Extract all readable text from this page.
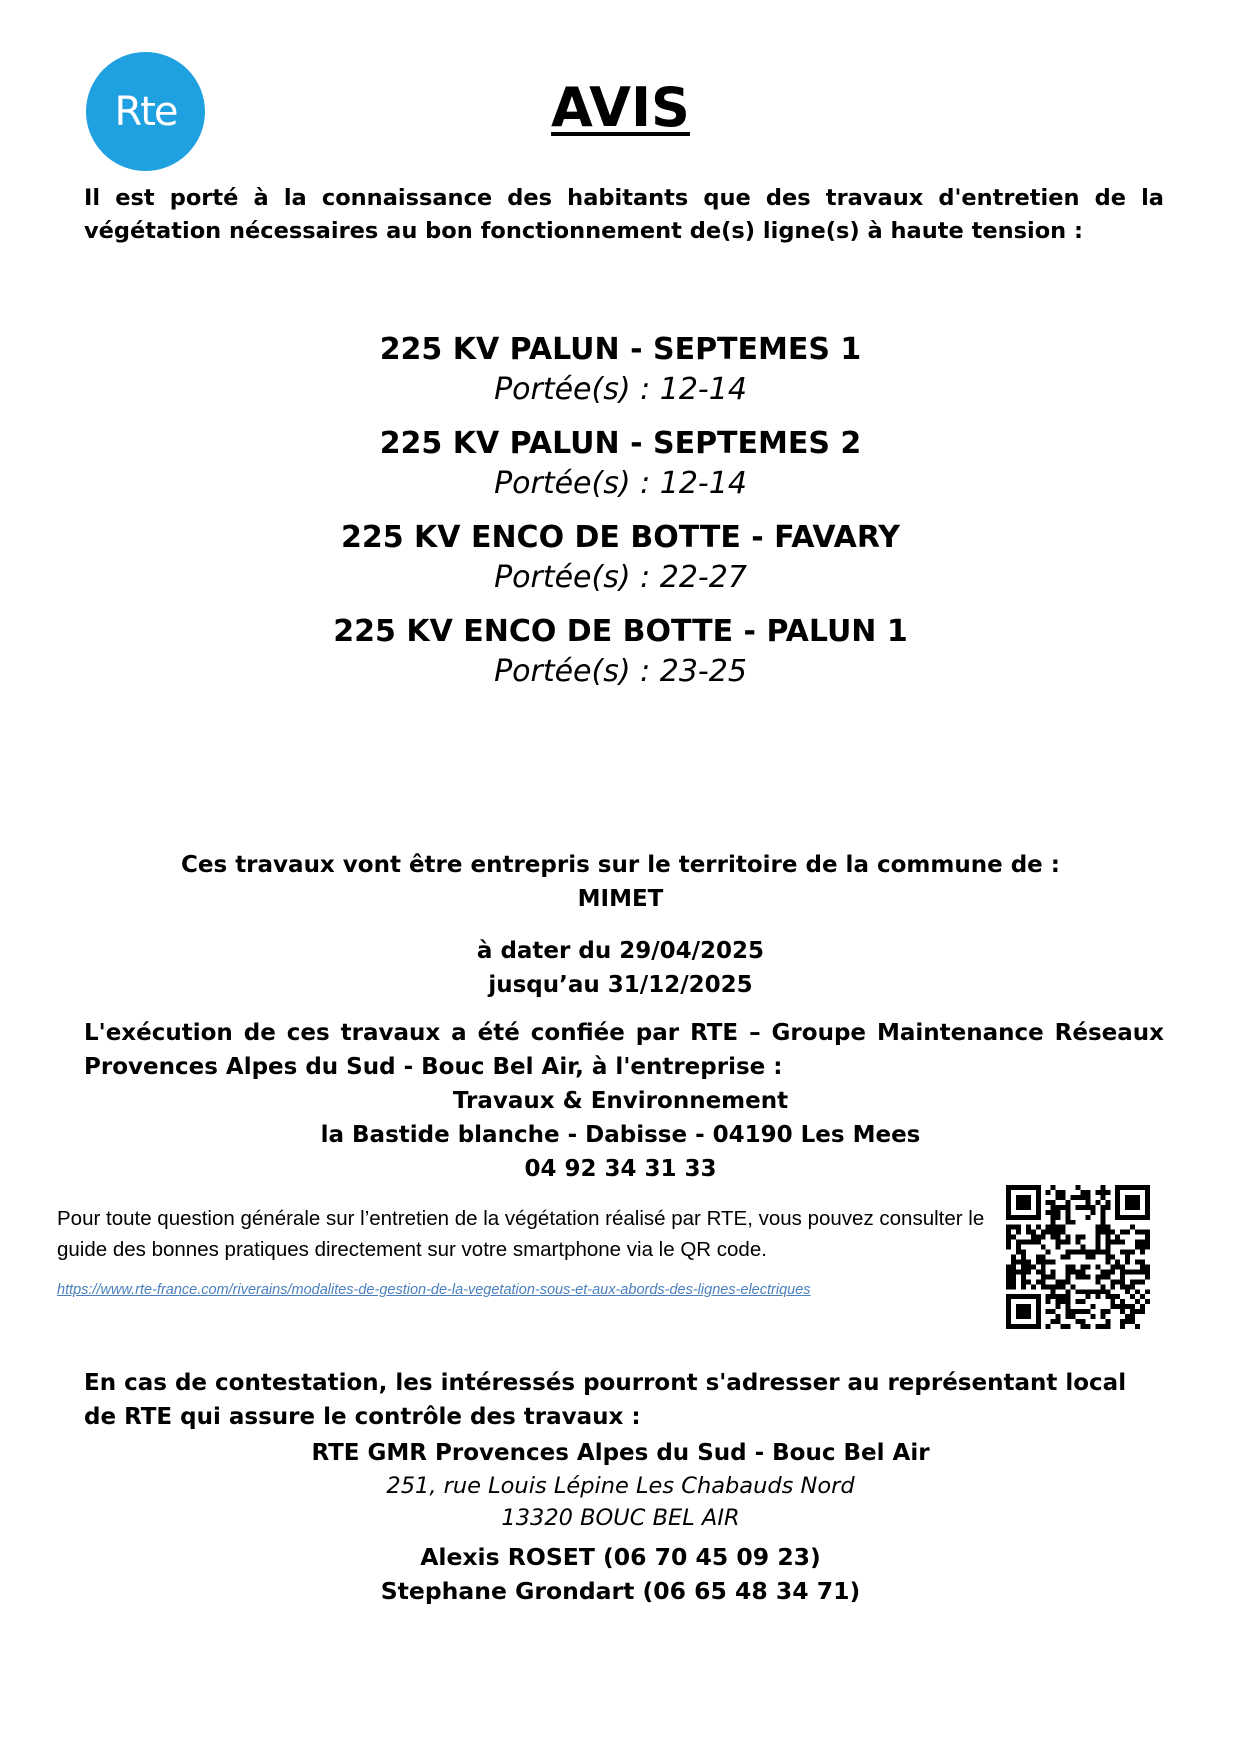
Rte	AVIS
Il est porté à la connaissance des habitants que des travaux d'entretien de la végétation nécessaires au bon fonctionnement de(s) ligne(s) à haute tension :
225 KV PALUN - SEPTEMES 1
Portée(s) : 12-14
225 KV PALUN - SEPTEMES 2
Portée(s) : 12-14
225 KV ENCO DE BOTTE - FAVARY
Portée(s) : 22-27
225 KV ENCO DE BOTTE - PALUN 1
Portée(s) : 23-25
Ces travaux vont être entrepris sur le territoire de la commune de :
MIMET
à dater du 29/04/2025
jusqu’au 31/12/2025
L'exécution de ces travaux a été confiée par RTE – Groupe Maintenance Réseaux Provences Alpes du Sud - Bouc Bel Air, à l'entreprise :
Travaux & Environnement
la Bastide blanche - Dabisse - 04190 Les Mees
04 92 34 31 33
Pour toute question générale sur l’entretien de la végétation réalisé par RTE, vous pouvez consulter le guide des bonnes pratiques directement sur votre smartphone via le QR code.
https://www.rte-france.com/riverains/modalites-de-gestion-de-la-vegetation-sous-et-aux-abords-des-lignes-electriques
En cas de contestation, les intéressés pourront s'adresser au représentant local de RTE qui assure le contrôle des travaux :
RTE GMR Provences Alpes du Sud - Bouc Bel Air
251, rue Louis Lépine Les Chabauds Nord
13320 BOUC BEL AIR
Alexis ROSET (06 70 45 09 23)
Stephane Grondart (06 65 48 34 71)
